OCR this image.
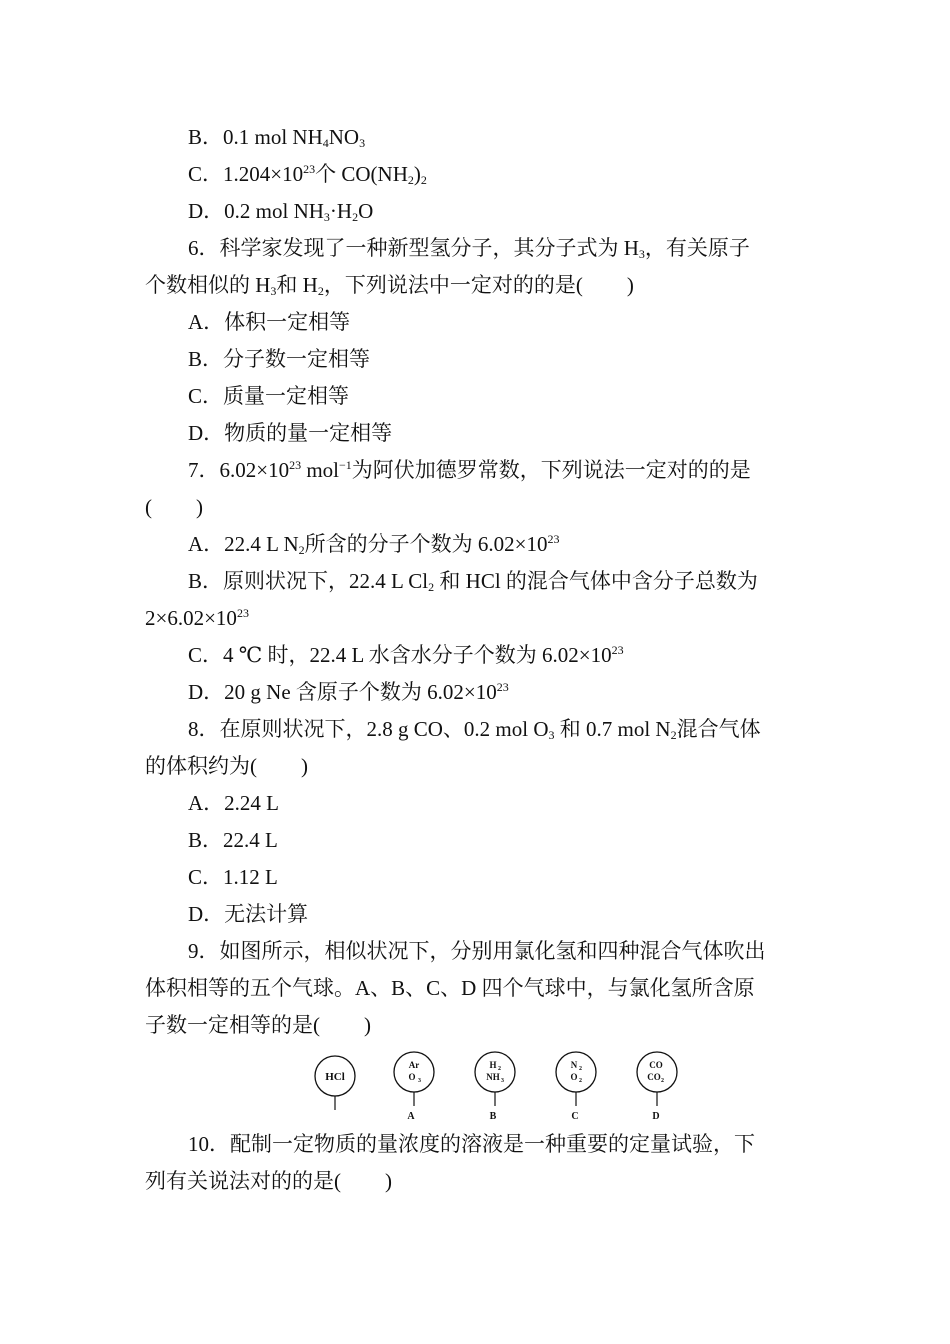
B．0.1 mol $NH_4NO_3$
C．$1.204\times 10^{23}$个 $CO(NH_2)_2$
D．0.2 mol $NH_3\cdot H_2O$
6．科学家发现了一种新型氢分子，其分子式为 $H_3$，有关原子
个数相似的 $H_3$和 $H_2$，下列说法中一定对的的是( )
A．体积一定相等
B．分子数一定相等
C．质量一定相等
D．物质的量一定相等
7．$6.02\times 10^{23}$ mol$^{-1}$为阿伏加德罗常数，下列说法一定对的的是
( )
A．22.4 L $N_2$所含的分子个数为 $6.02\times 10^{23}$
B．原则状况下，22.4 L $Cl_2$ 和 HCl 的混合气体中含分子总数为
$2\times 6.02\times 10^{23}$
C．4 ℃ 时，22.4 L 水含水分子个数为 $6.02\times 10^{23}$
D．20 g Ne 含原子个数为 $6.02\times 10^{23}$
8．在原则状况下，2.8 g CO、0.2 mol $O_3$ 和 0.7 mol $N_2$混合气体
的体积约为( )
A．2.24 L
B．22.4 L
C．1.12 L
D．无法计算
9．如图所示，相似状况下，分别用氯化氢和四种混合气体吹出
体积相等的五个气球。A、B、C、D 四个气球中，与氯化氢所含原
子数一定相等的是( )
HCl
Ar
O 3
A
H 2
NH 3
B
N 2
O 2
C
CO
CO 2
D
10．配制一定物质的量浓度的溶液是一种重要的定量试验，下
列有关说法对的的是( )
